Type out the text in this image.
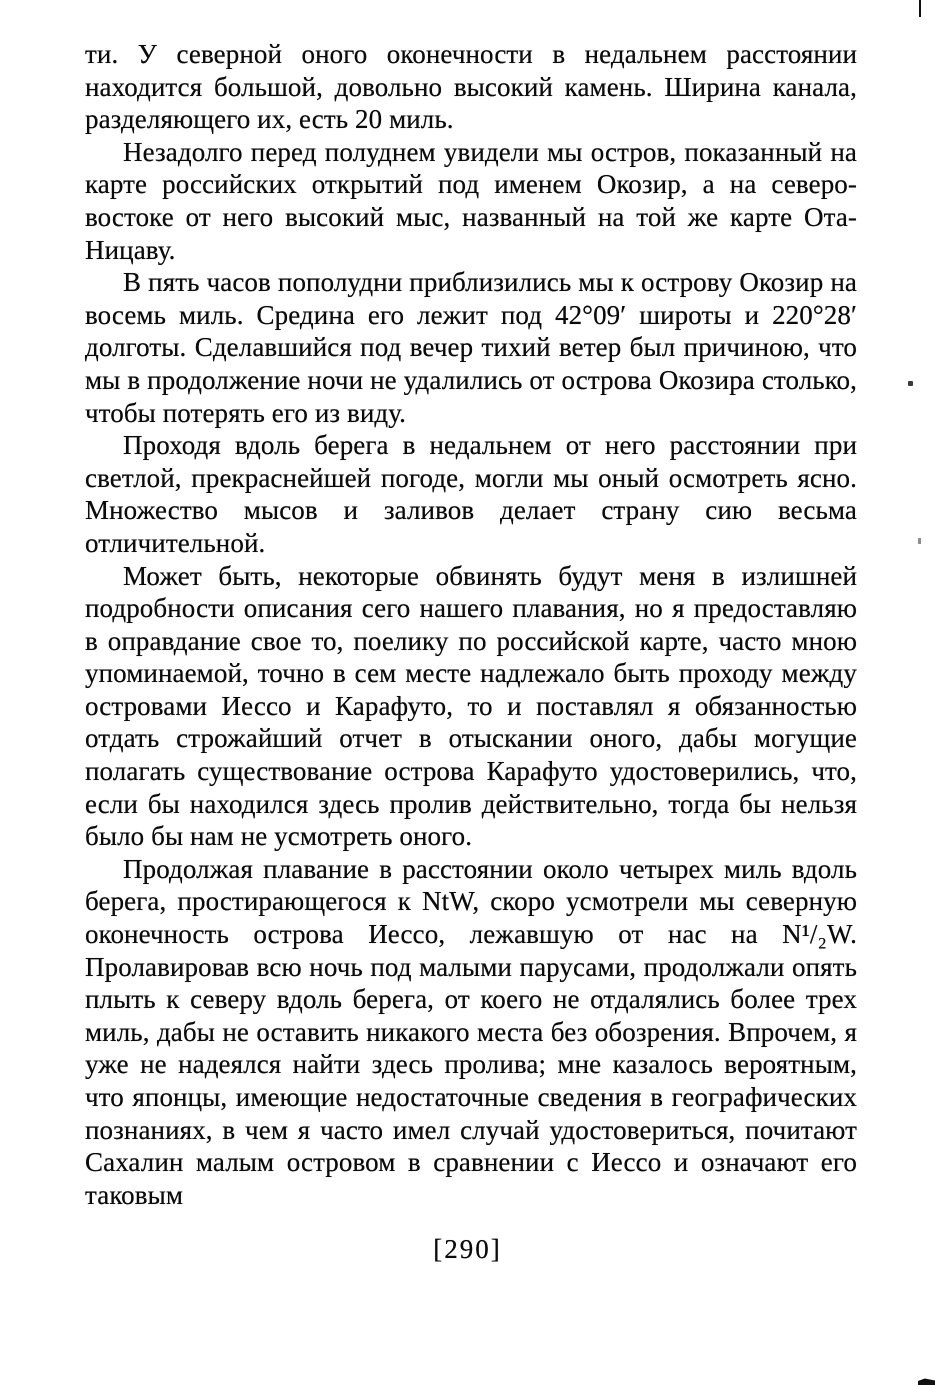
ти. У северной оного оконечности в недальнем расстоянии находится большой, довольно высокий камень. Ширина канала, разделяющего их, есть 20 миль.

Незадолго перед полуднем увидели мы остров, показанный на карте российских открытий под именем Окозир, а на северо-востоке от него высокий мыс, названный на той же карте Ота-Ницаву.

В пять часов пополудни приблизились мы к острову Окозир на восемь миль. Средина его лежит под 42°09′ широты и 220°28′ долготы. Сделавшийся под вечер тихий ветер был причиною, что мы в продолжение ночи не удалились от острова Окозира столько, чтобы потерять его из виду.

Проходя вдоль берега в недальнем от него расстоянии при светлой, прекраснейшей погоде, могли мы оный осмотреть ясно. Множество мысов и заливов делает страну сию весьма отличительной.

Может быть, некоторые обвинять будут меня в излишней подробности описания сего нашего плавания, но я предоставляю в оправдание свое то, поелику по российской карте, часто мною упоминаемой, точно в сем месте надлежало быть проходу между островами Иессо и Карафуто, то и поставлял я обязанностью отдать строжайший отчет в отыскании оного, дабы могущие полагать существование острова Карафуто удостоверились, что, если бы находился здесь пролив действительно, тогда бы нельзя было бы нам не усмотреть оного.

Продолжая плавание в расстоянии около четырех миль вдоль берега, простирающегося к NtW, скоро усмотрели мы северную оконечность острова Иессо, лежавшую от нас на N¹/₂W. Пролавировав всю ночь под малыми парусами, продолжали опять плыть к северу вдоль берега, от коего не отдалялись более трех миль, дабы не оставить никакого места без обозрения. Впрочем, я уже не надеялся найти здесь пролива; мне казалось вероятным, что японцы, имеющие недостаточные сведения в географических познаниях, в чем я часто имел случай удостовериться, почитают Сахалин малым островом в сравнении с Иессо и означают его таковым

[290]
